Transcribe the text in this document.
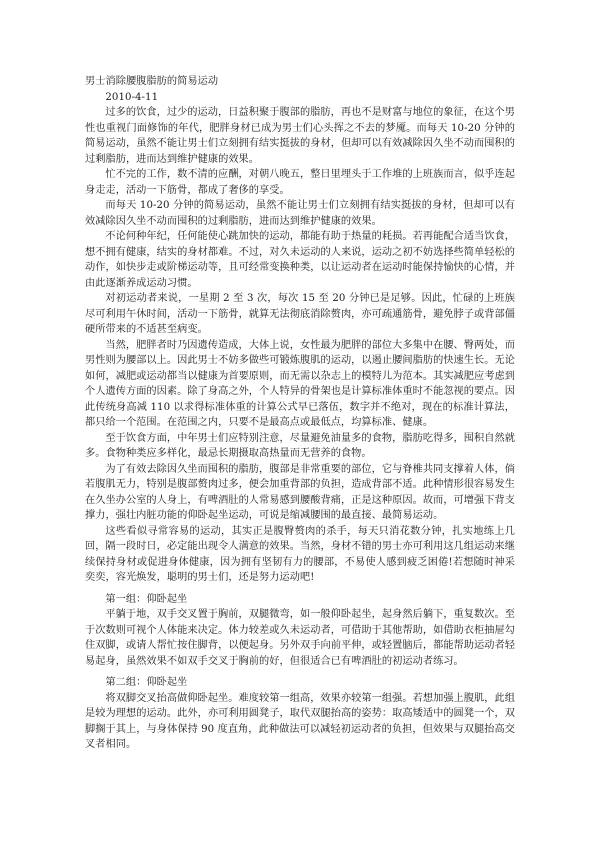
男士消除腰腹脂肪的简易运动
2010-4-11

过多的饮食，过少的运动，日益积聚于腹部的脂肪，再也不是财富与地位的象征，在这个男性也重视门面修饰的年代，肥胖身材已成为男士们心头挥之不去的梦魇。而每天 10-20 分钟的简易运动，虽然不能让男士们立刻拥有结实挺拔的身材，但却可以有效减除因久坐不动而囤积的过剩脂肪，进而达到维护健康的效果。

忙不完的工作，数不清的应酬，对朝八晚五，整日里埋头于工作堆的上班族而言，似乎连起身走走，活动一下筋骨，都成了奢侈的享受。

而每天 10-20 分钟的简易运动，虽然不能让男士们立刻拥有结实挺拔的身材，但却可以有效减除因久坐不动而囤积的过剩脂肪，进而达到维护健康的效果。

不论何种年纪，任何能使心跳加快的运动，都能有助于热量的耗损。若再能配合适当饮食，想不拥有健康，结实的身材都难。不过，对久未运动的人来说，运动之初不妨选择些简单轻松的动作，如快步走或阶梯运动等，且可经常变换种类，以让运动者在运动时能保持愉快的心情，并由此逐渐养成运动习惯。

对初运动者来说，一星期 2 至 3 次，每次 15 至 20 分钟已是足够。因此，忙碌的上班族尽可利用午休时间，活动一下筋骨，就算无法彻底消除赘肉，亦可疏通筋骨，避免脖子或背部僵硬所带来的不适甚至病变。

当然，肥胖者时乃因遗传造成，大体上说，女性最为肥胖的部位大多集中在腰、臀两处，而男性则为腰部以上。因此男士不妨多做些可锻炼腹肌的运动，以遏止腰间脂肪的快速生长。无论如何，减肥或运动都当以健康为首要原则，而无需以杂志上的模特儿为范本。其实减肥应考虑到个人遗传方面的因素。除了身高之外，个人特异的骨架也是计算标准体重时不能忽视的要点。因此传统身高减 110 以求得标准体重的计算公式早已落伍，数字并不绝对，现在的标准计算法，都只给一个范围。在范围之内，只要不是最高点或最低点，均算标准、健康。

至于饮食方面，中年男士们应特别注意，尽量避免油量多的食物，脂肪吃得多，囤积自然就多。食物种类应多样化，最忌长期摄取高热量而无营养的食物。

为了有效去除因久坐而囤积的脂肪，腹部是非常重要的部位，它与脊椎共同支撑着人体，倘若腹肌无力，特别是腹部赘肉过多，便会加重背部的负担，造成背部不适。此种情形很容易发生在久坐办公室的人身上，有啤酒肚的人常易感到腰酸背痛，正是这种原因。故而，可增强下背支撑力，强壮内脏功能的仰卧起坐运动，可说是缩减腰围的最直接、最简易运动。

这些看似寻常容易的运动，其实正是腹臀赘肉的杀手，每天只消花数分钟，扎实地练上几回，隔一段时日，必定能出现令人满意的效果。当然，身材不错的男士亦可利用这几组运动来继续保持身材或促进身体健康，因为拥有坚韧有力的腰部，不易使人感到疲乏困倦!若想随时神采奕奕，容光焕发，聪明的男士们，还是努力运动吧!

第一组：仰卧起坐

平躺于地，双手交叉置于胸前，双腿微弯，如一般仰卧起坐，起身然后躺下，重复数次。至于次数则可视个人体能来决定。体力较差或久未运动者，可借助于其他帮助，如借助衣柜抽屉勾住双脚，或请人帮忙按住脚背，以便起身。另外双手向前平伸，或轻置脑后，都能帮助运动者轻易起身，虽然效果不如双手交叉于胸前的好，但很适合已有啤酒肚的初运动者练习。

第二组：仰卧起坐

将双脚交叉抬高做仰卧起坐。难度较第一组高，效果亦较第一组强。若想加强上腹肌，此组是较为理想的运动。此外，亦可利用圆凳子，取代双腿抬高的姿势：取高矮适中的圆凳一个，双脚搁于其上，与身体保持 90 度直角，此种做法可以减轻初运动者的负担，但效果与双腿抬高交叉者相同。
